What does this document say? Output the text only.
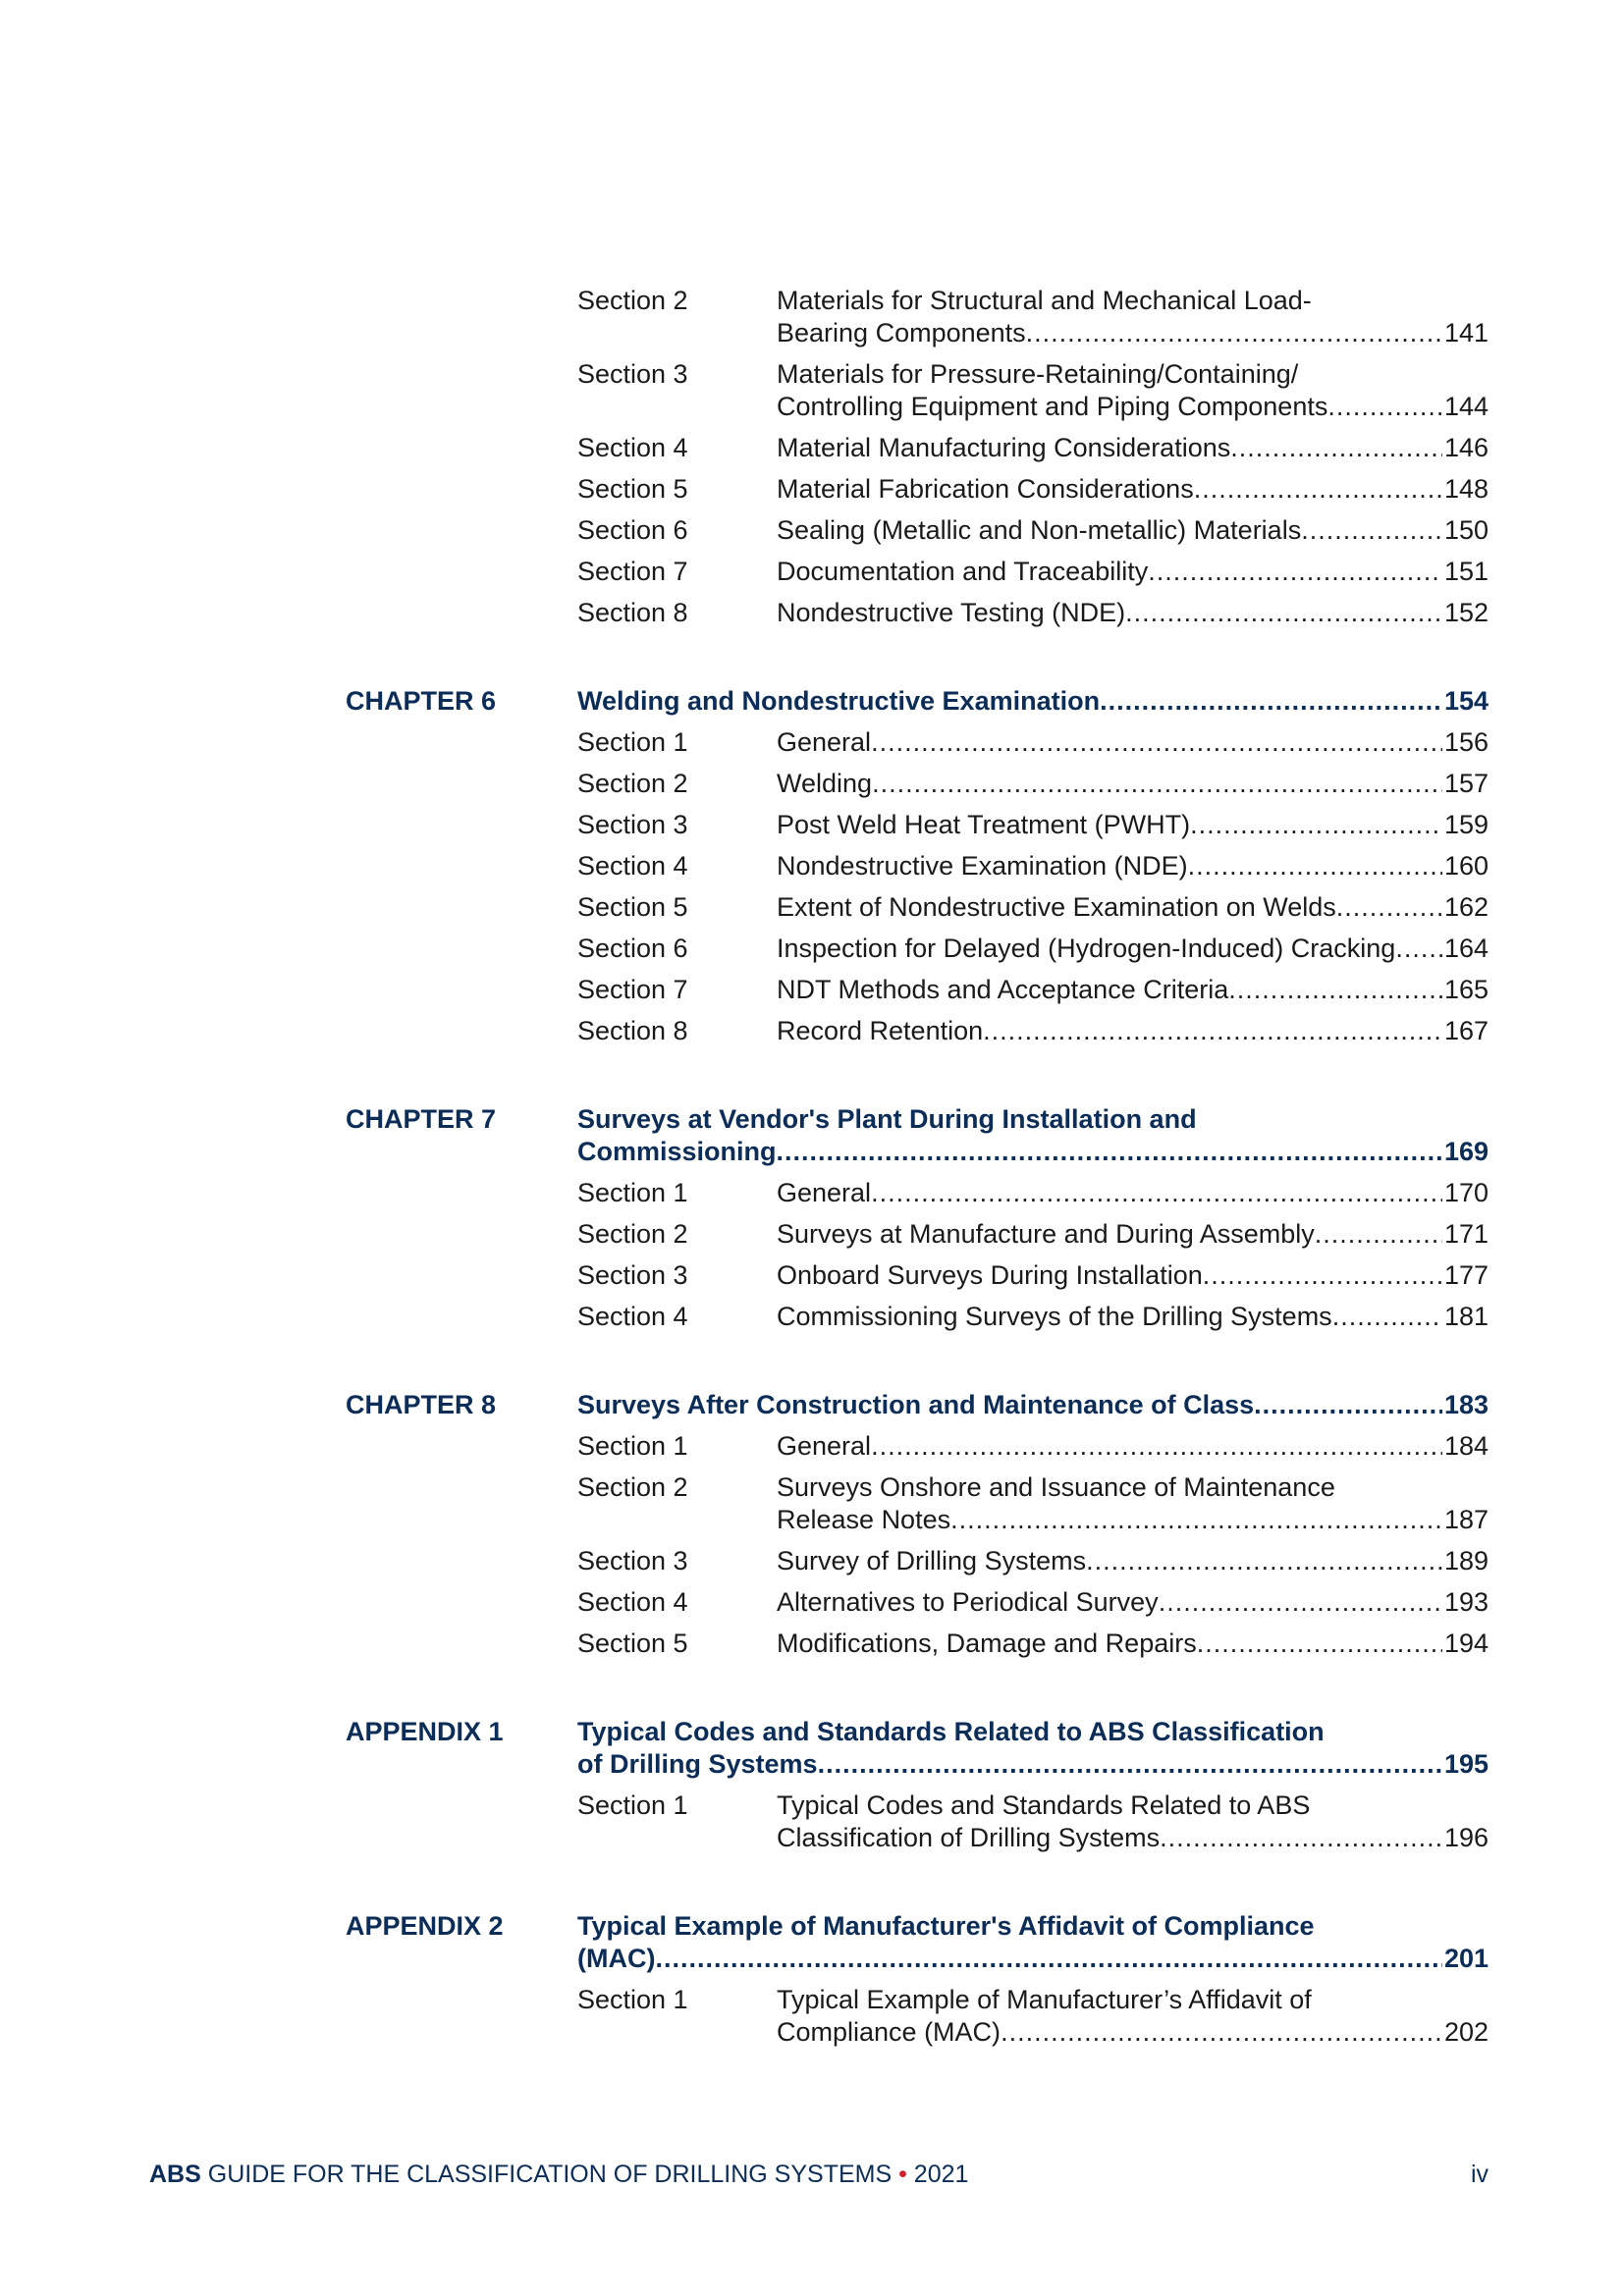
Section 2	Materials for Structural and Mechanical Load-
Bearing Components .....	141
Section 3	Materials for Pressure-Retaining/Containing/
Controlling Equipment and Piping Components .....	144
Section 4	Material Manufacturing Considerations .....	146
Section 5	Material Fabrication Considerations .....	148
Section 6	Sealing (Metallic and Non-metallic) Materials .....	150
Section 7	Documentation and Traceability .....	151
Section 8	Nondestructive Testing (NDE) .....	152
CHAPTER 6	Welding and Nondestructive Examination .....	154
Section 1	General .....	156
Section 2	Welding .....	157
Section 3	Post Weld Heat Treatment (PWHT) .....	159
Section 4	Nondestructive Examination (NDE) .....	160
Section 5	Extent of Nondestructive Examination on Welds .....	162
Section 6	Inspection for Delayed (Hydrogen-Induced) Cracking ..... 164
Section 7	NDT Methods and Acceptance Criteria .....	165
Section 8	Record Retention .....	167
CHAPTER 7	Surveys at Vendor's Plant During Installation and
Commissioning .....	169
Section 1	General .....	170
Section 2	Surveys at Manufacture and During Assembly .....	171
Section 3	Onboard Surveys During Installation .....	177
Section 4	Commissioning Surveys of the Drilling Systems .....	181
CHAPTER 8	Surveys After Construction and Maintenance of Class .....	183
Section 1	General .....	184
Section 2	Surveys Onshore and Issuance of Maintenance
Release Notes .....	187
Section 3	Survey of Drilling Systems .....	189
Section 4	Alternatives to Periodical Survey .....	193
Section 5	Modifications, Damage and Repairs .....	194
APPENDIX 1	Typical Codes and Standards Related to ABS Classification
of Drilling Systems .....	195
Section 1	Typical Codes and Standards Related to ABS
Classification of Drilling Systems .....	196
APPENDIX 2	Typical Example of Manufacturer's Affidavit of Compliance
(MAC) .....	201
Section 1	Typical Example of Manufacturer’s Affidavit of
Compliance (MAC) .....	202
ABS GUIDE FOR THE CLASSIFICATION OF DRILLING SYSTEMS • 2021	iv
